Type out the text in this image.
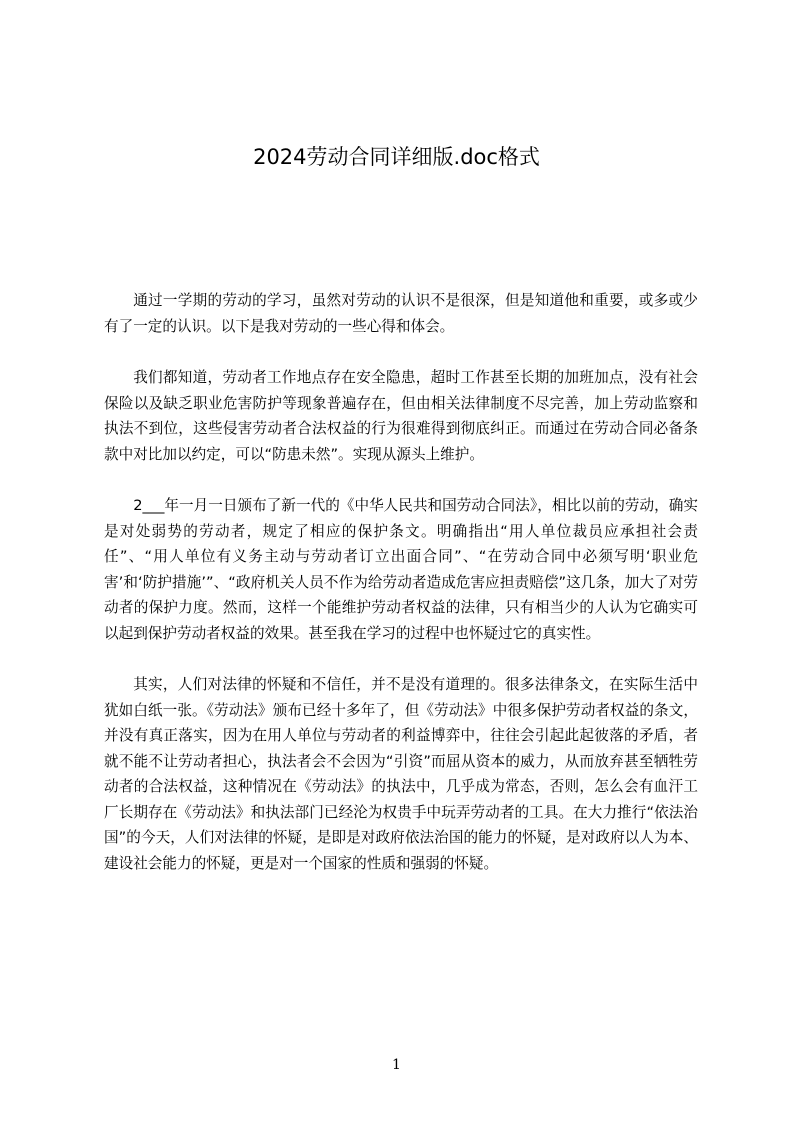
2024劳动合同详细版.doc格式

通过一学期的劳动的学习，虽然对劳动的认识不是很深，但是知道他和重要，或多或少有了一定的认识。以下是我对劳动的一些心得和体会。

我们都知道，劳动者工作地点存在安全隐患，超时工作甚至长期的加班加点，没有社会保险以及缺乏职业危害防护等现象普遍存在，但由相关法律制度不尽完善，加上劳动监察和执法不到位，这些侵害劳动者合法权益的行为很难得到彻底纠正。而通过在劳动合同必备条款中对比加以约定，可以“防患未然”。实现从源头上维护。

2___年一月一日颁布了新一代的《中华人民共和国劳动合同法》，相比以前的劳动，确实是对处弱势的劳动者，规定了相应的保护条文。明确指出“用人单位裁员应承担社会责任”、“用人单位有义务主动与劳动者订立出面合同”、“在劳动合同中必须写明‘职业危害’和‘防护措施’”、“政府机关人员不作为给劳动者造成危害应担责赔偿”这几条，加大了对劳动者的保护力度。然而，这样一个能维护劳动者权益的法律，只有相当少的人认为它确实可以起到保护劳动者权益的效果。甚至我在学习的过程中也怀疑过它的真实性。

其实，人们对法律的怀疑和不信任，并不是没有道理的。很多法律条文，在实际生活中犹如白纸一张。《劳动法》颁布已经十多年了，但《劳动法》中很多保护劳动者权益的条文，并没有真正落实，因为在用人单位与劳动者的利益博弈中，往往会引起此起彼落的矛盾，者就不能不让劳动者担心，执法者会不会因为“引资”而屈从资本的威力，从而放弃甚至牺牲劳动者的合法权益，这种情况在《劳动法》的执法中，几乎成为常态，否则，怎么会有血汗工厂长期存在《劳动法》和执法部门已经沦为权贵手中玩弄劳动者的工具。在大力推行“依法治国”的今天，人们对法律的怀疑，是即是对政府依法治国的能力的怀疑，是对政府以人为本、建设社会能力的怀疑，更是对一个国家的性质和强弱的怀疑。

1
